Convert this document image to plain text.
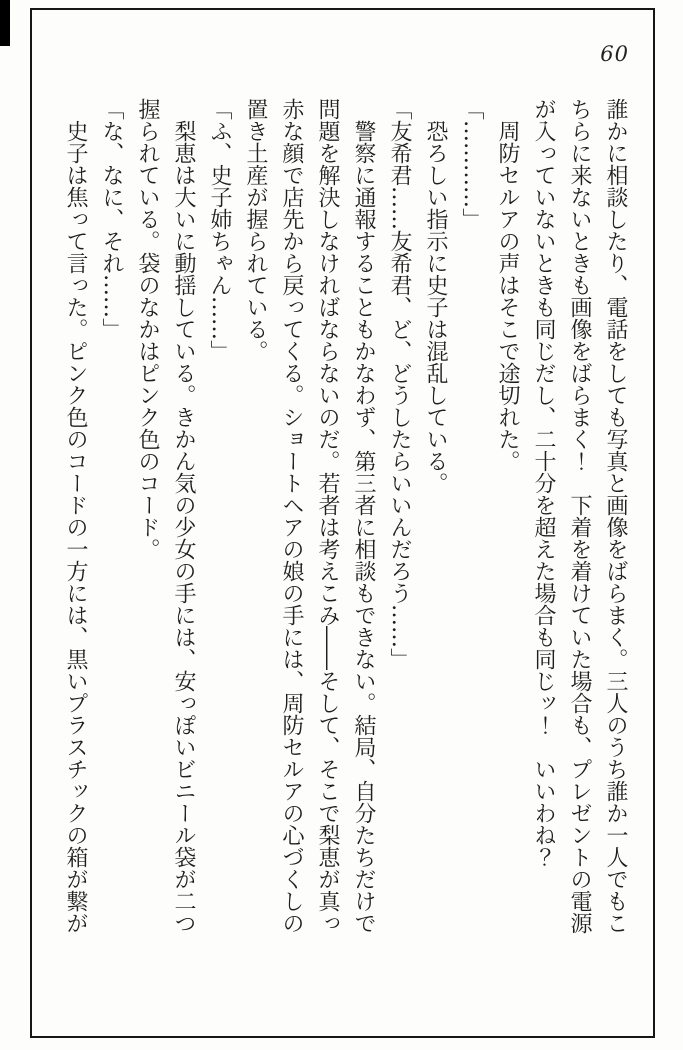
60

誰かに相談したり、電話をしても写真と画像をばらまく。三人のうち誰か一人でもこちらに来ないときも画像をばらまく！　下着を着けていた場合も、プレゼントの電源が入っていないときも同じだし、二十分を超えた場合も同じッ！　いいわね？

　周防セルアの声はそこで途切れた。

「…………」

　恐ろしい指示に史子は混乱している。

「友希君……友希君、ど、どうしたらいいんだろう……」

　警察に通報することもかなわず、第三者に相談もできない。結局、自分たちだけで問題を解決しなければならないのだ。若者は考えこみ――そして、そこで梨恵が真っ赤な顔で店先から戻ってくる。ショートヘアの娘の手には、周防セルアの心づくしの置き土産が握られている。

「ふ、史子姉ちゃん……」

　梨恵は大いに動揺している。きかん気の少女の手には、安っぽいビニール袋が二つ握られている。袋のなかはピンク色のコード。

「な、なに、それ……」

　史子は焦って言った。ピンク色のコードの一方には、黒いプラスチックの箱が繋が
